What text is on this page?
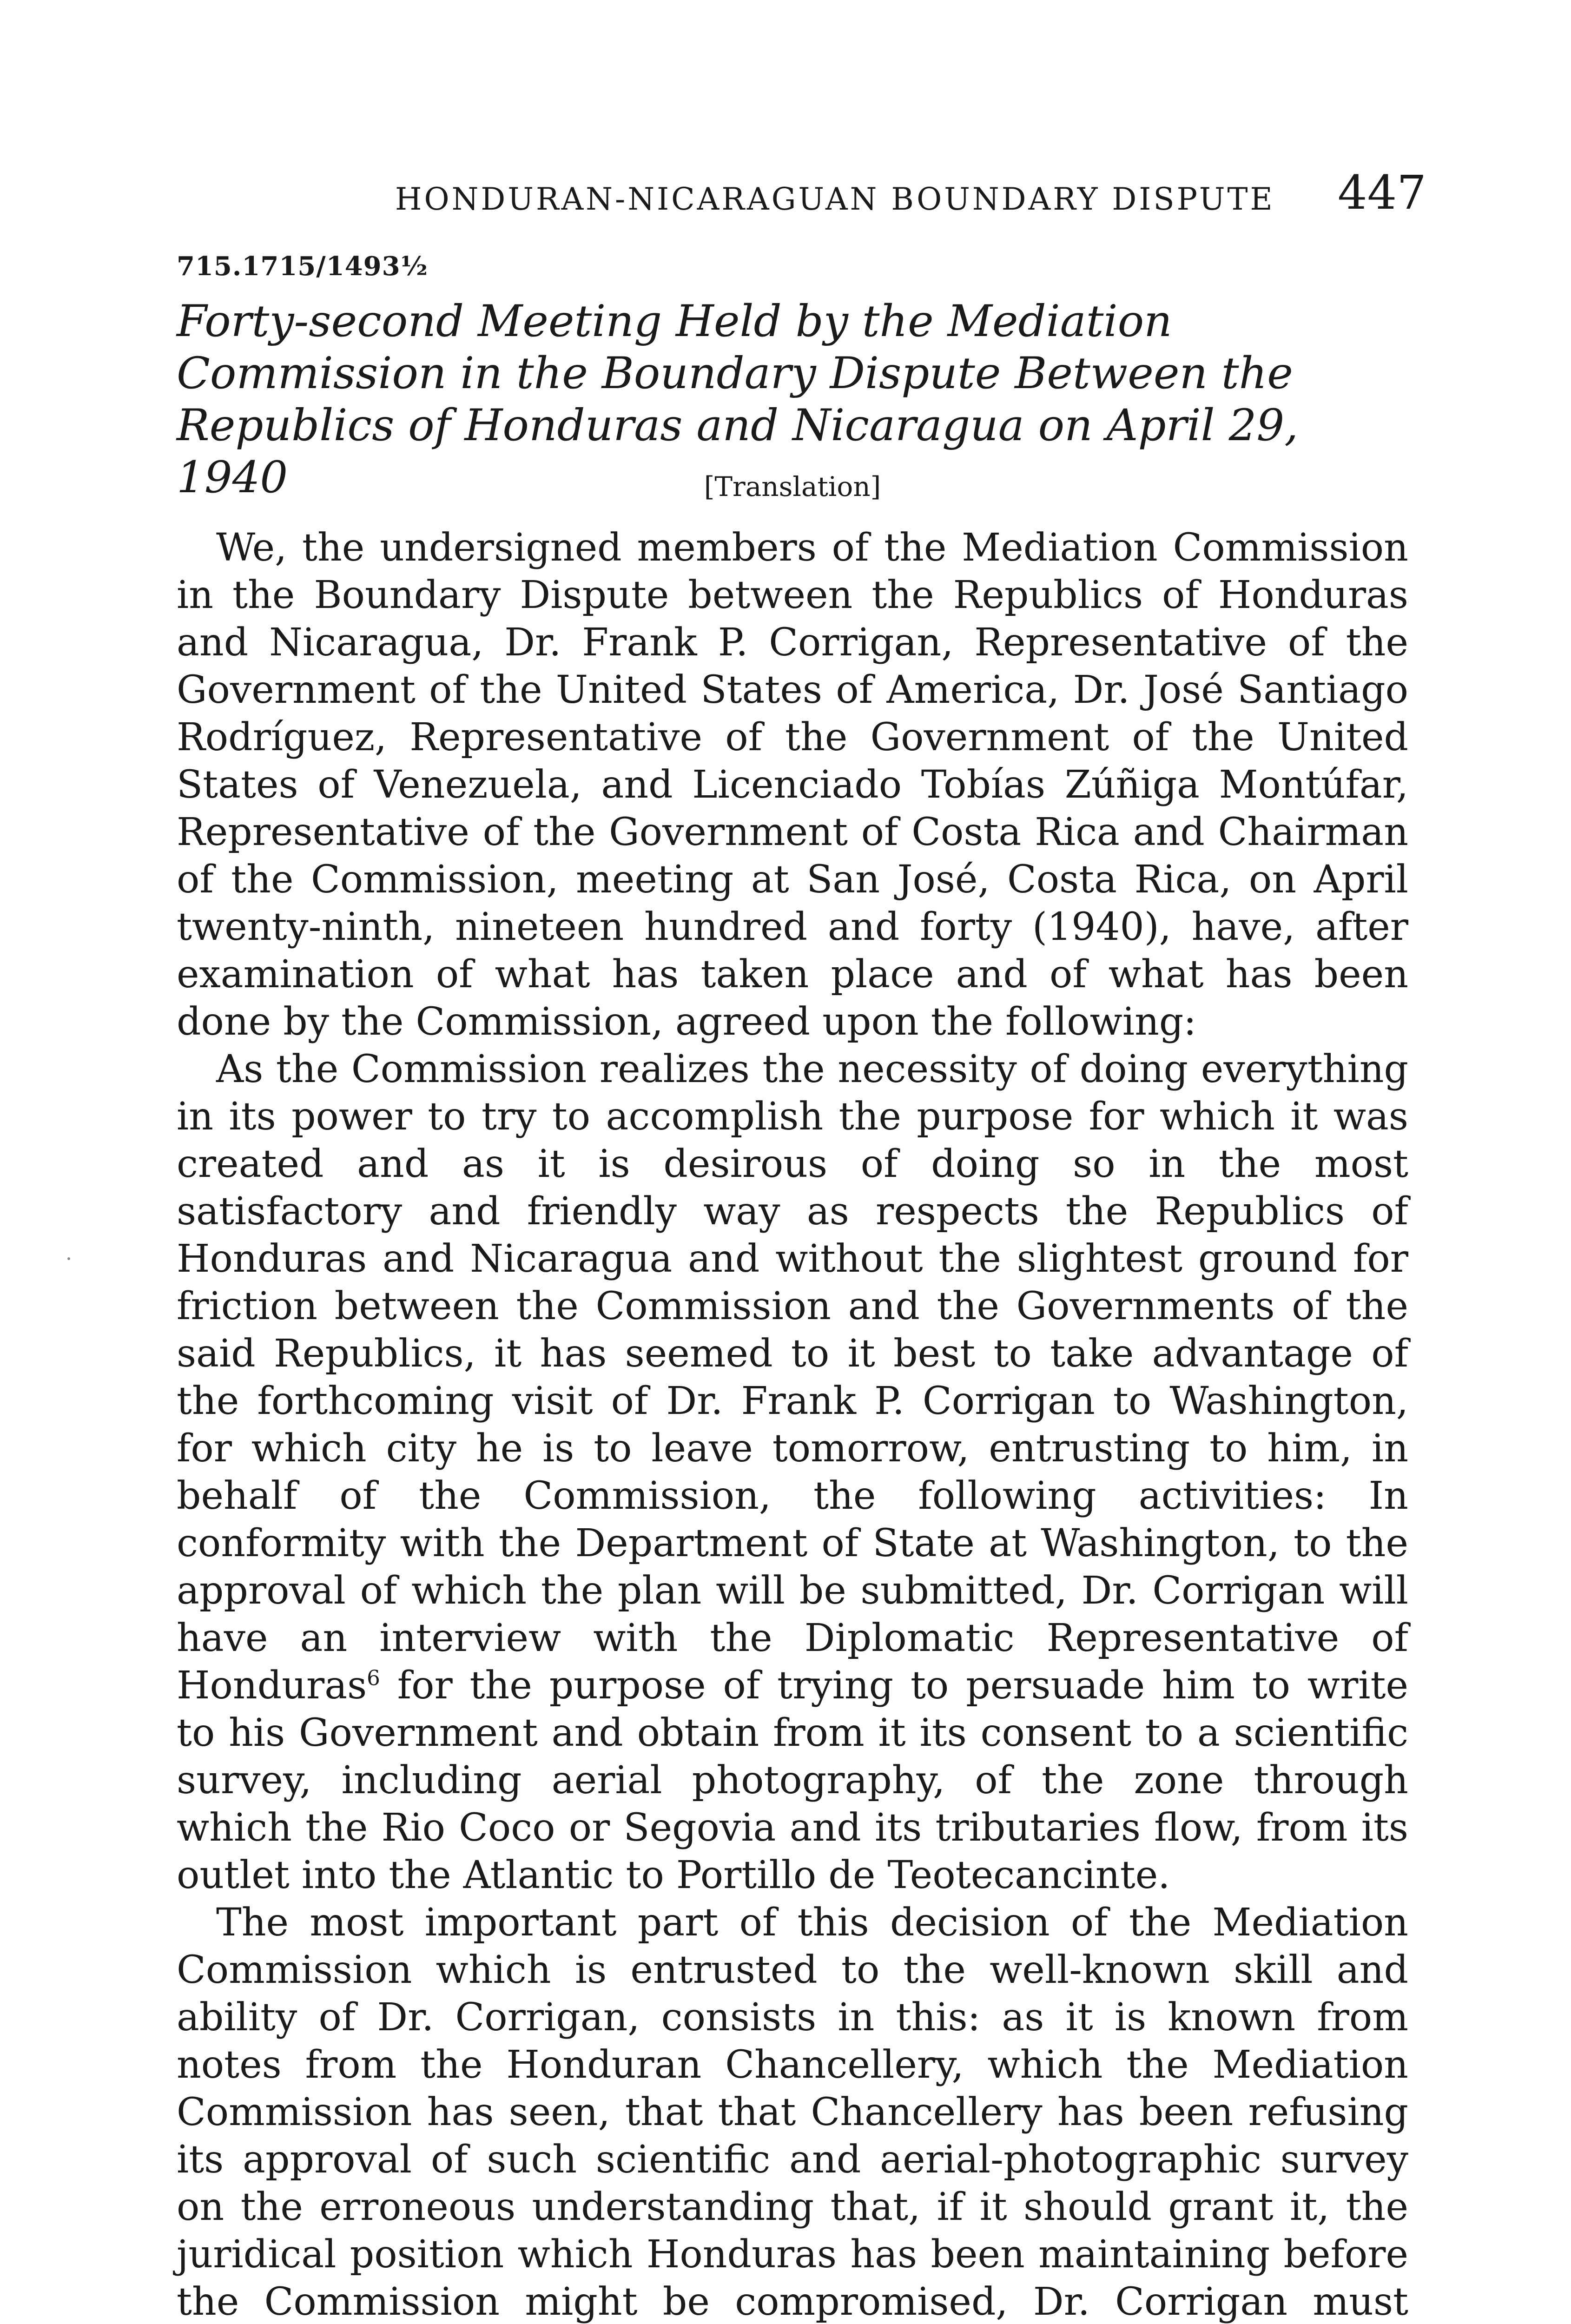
HONDURAN-NICARAGUAN BOUNDARY DISPUTE 447
715.1715/1493½
Forty-second Meeting Held by the Mediation Commission in the Boundary Dispute Between the Republics of Honduras and Nicaragua on April 29, 1940	[Translation]

We, the undersigned members of the Mediation Commission in the Boundary Dispute between the Republics of Honduras and Nicaragua, Dr. Frank P. Corrigan, Representative of the Government of the United States of America, Dr. José Santiago Rodríguez, Representative of the Government of the United States of Venezuela, and Licenciado Tobías Zúñiga Montúfar, Representative of the Government of Costa Rica and Chairman of the Commission, meeting at San José, Costa Rica, on April twenty-ninth, nineteen hundred and forty (1940), have, after examination of what has taken place and of what has been done by the Commission, agreed upon the following:

As the Commission realizes the necessity of doing everything in its power to try to accomplish the purpose for which it was created and as it is desirous of doing so in the most satisfactory and friendly way as respects the Republics of Honduras and Nicaragua and without the slightest ground for friction between the Commission and the Governments of the said Republics, it has seemed to it best to take advantage of the forthcoming visit of Dr. Frank P. Corrigan to Washington, for which city he is to leave tomorrow, entrusting to him, in behalf of the Commission, the following activities: In conformity with the Department of State at Washington, to the approval of which the plan will be submitted, Dr. Corrigan will have an interview with the Diplomatic Representative of Honduras$^6$ for the purpose of trying to persuade him to write to his Government and obtain from it its consent to a scientific survey, including aerial photography, of the zone through which the Rio Coco or Segovia and its tributaries flow, from its outlet into the Atlantic to Portillo de Teotecancinte.

The most important part of this decision of the Mediation Commission which is entrusted to the well-known skill and ability of Dr. Corrigan, consists in this: as it is known from notes from the Honduran Chancellery, which the Mediation Commission has seen, that that Chancellery has been refusing its approval of such scientific and aerial-photographic survey on the erroneous understanding that, if it should grant it, the juridical position which Honduras has been maintaining before the Commission might be compromised, Dr. Corrigan must
